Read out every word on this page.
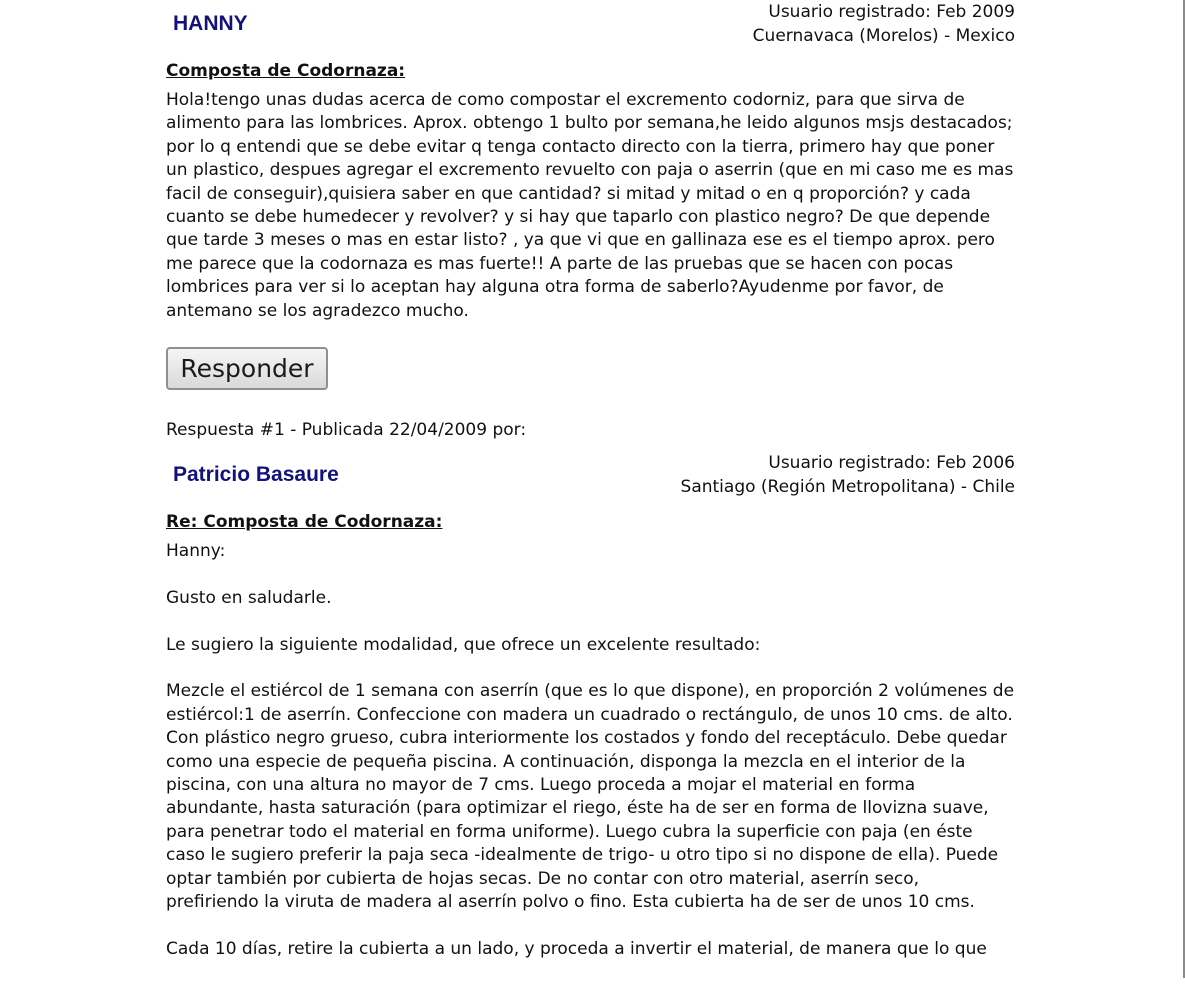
HANNY	Usuario registrado: Feb 2009
Cuernavaca (Morelos) - Mexico
Composta de Codornaza:

Hola!tengo unas dudas acerca de como compostar el excremento codorniz, para que sirva de alimento para las lombrices. Aprox. obtengo 1 bulto por semana,he leido algunos msjs destacados; por lo q entendi que se debe evitar q tenga contacto directo con la tierra, primero hay que poner un plastico, despues agregar el excremento revuelto con paja o aserrin (que en mi caso me es mas facil de conseguir),quisiera saber en que cantidad? si mitad y mitad o en q proporción? y cada cuanto se debe humedecer y revolver? y si hay que taparlo con plastico negro? De que depende que tarde 3 meses o mas en estar listo? , ya que vi que en gallinaza ese es el tiempo aprox. pero me parece que la codornaza es mas fuerte!! A parte de las pruebas que se hacen con pocas lombrices para ver si lo aceptan hay alguna otra forma de saberlo?Ayudenme por favor, de antemano se los agradezco mucho.

Responder
Respuesta #1 - Publicada 22/04/2009 por:
Patricio Basaure	Usuario registrado: Feb 2006
Santiago (Región Metropolitana) - Chile
Re: Composta de Codornaza:

Hanny:

Gusto en saludarle.

Le sugiero la siguiente modalidad, que ofrece un excelente resultado:

Mezcle el estiércol de 1 semana con aserrín (que es lo que dispone), en proporción 2 volúmenes de estiércol:1 de aserrín. Confeccione con madera un cuadrado o rectángulo, de unos 10 cms. de alto. Con plástico negro grueso, cubra interiormente los costados y fondo del receptáculo. Debe quedar como una especie de pequeña piscina. A continuación, disponga la mezcla en el interior de la piscina, con una altura no mayor de 7 cms. Luego proceda a mojar el material en forma abundante, hasta saturación (para optimizar el riego, éste ha de ser en forma de llovizna suave, para penetrar todo el material en forma uniforme). Luego cubra la superficie con paja (en éste caso le sugiero preferir la paja seca -idealmente de trigo- u otro tipo si no dispone de ella). Puede optar también por cubierta de hojas secas. De no contar con otro material, aserrín seco, prefiriendo la viruta de madera al aserrín polvo o fino. Esta cubierta ha de ser de unos 10 cms.

Cada 10 días, retire la cubierta a un lado, y proceda a invertir el material, de manera que lo que
